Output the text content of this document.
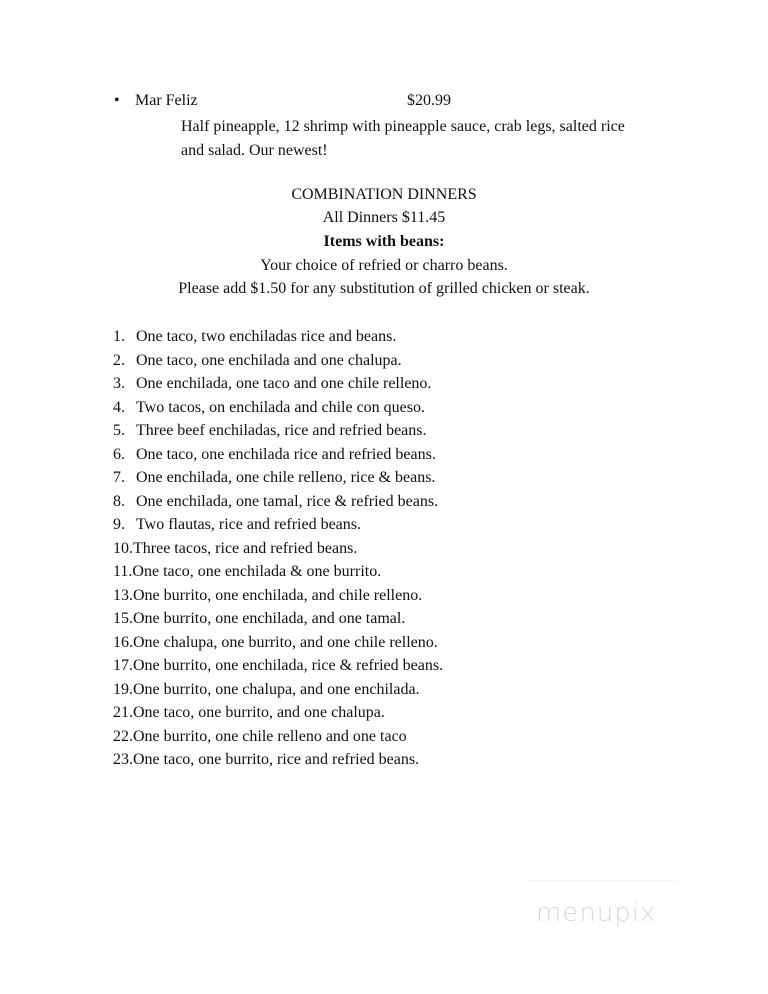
• Mar Feliz	$20.99
Half pineapple, 12 shrimp with pineapple sauce, crab legs, salted rice
and salad. Our newest!
COMBINATION DINNERS
All Dinners $11.45
Items with beans:
Your choice of refried or charro beans.
Please add $1.50 for any substitution of grilled chicken or steak.
1. One taco, two enchiladas rice and beans.
2. One taco, one enchilada and one chalupa.
3. One enchilada, one taco and one chile relleno.
4. Two tacos, on enchilada and chile con queso.
5. Three beef enchiladas, rice and refried beans.
6. One taco, one enchilada rice and refried beans.
7. One enchilada, one chile relleno, rice & beans.
8. One enchilada, one tamal, rice & refried beans.
9. Two flautas, rice and refried beans.
10.Three tacos, rice and refried beans.
11.One taco, one enchilada & one burrito.
13.One burrito, one enchilada, and chile relleno.
15.One burrito, one enchilada, and one tamal.
16.One chalupa, one burrito, and one chile relleno.
17.One burrito, one enchilada, rice & refried beans.
19.One burrito, one chalupa, and one enchilada.
21.One taco, one burrito, and one chalupa.
22.One burrito, one chile relleno and one taco
23.One taco, one burrito, rice and refried beans.
menupix
